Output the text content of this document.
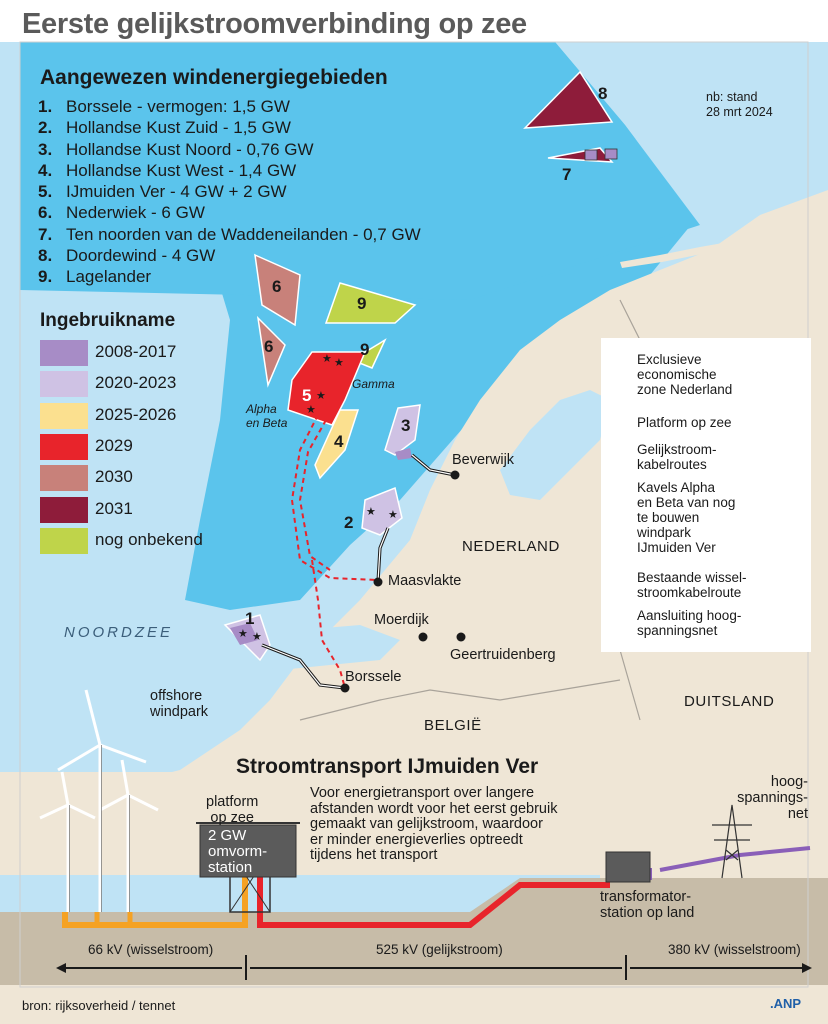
★ ★
★
★
★
★
★ ★
Eerste gelijkstroomverbinding op zee
Aangewezen windenergiegebieden
1. Borssele - vermogen: 1,5 GW
2. Hollandse Kust Zuid - 1,5 GW
3. Hollandse Kust Noord - 0,76 GW
4. Hollandse Kust West - 1,4 GW
5. IJmuiden Ver - 4 GW + 2 GW
6. Nederwiek - 6 GW
7. Ten noorden van de Waddeneilanden - 0,7 GW
8. Doordewind - 4 GW
9. Lagelander
Ingebruikname
2008-2017
2020-2023
2025-2026
2029
2030
2031
nog onbekend
nb: stand
28 mrt 2024
Exclusieve
economische
zone Nederland
Platform op zee
Gelijkstroom-
kabelroutes
Kavels Alpha
en Beta van nog
te bouwen
windpark
IJmuiden Ver
Bestaande wissel-
stroomkabelroute
Aansluiting hoog-
spanningsnet
5
8
7
6
6
9
9
5
4
3
2
1
Gamma
Alpha
en Beta
Beverwijk
Maasvlakte
Moerdijk
Geertruidenberg
Borssele
NEDERLAND
DUITSLAND
BELGIË
NOORDZEE
Stroomtransport IJmuiden Ver
Voor energietransport over langere
afstanden wordt voor het eerst gebruik
gemaakt van gelijkstroom, waardoor
er minder energieverlies optreedt
tijdens het transport
offshore
windpark
platform
op zee
2 GW
omvorm-
station
hoog-
spannings-
net
transformator-
station op land
66 kV (wisselstroom)	525 kV (gelijkstroom)	380 kV (wisselstroom)
bron: rijksoverheid / tennet	.ANP
